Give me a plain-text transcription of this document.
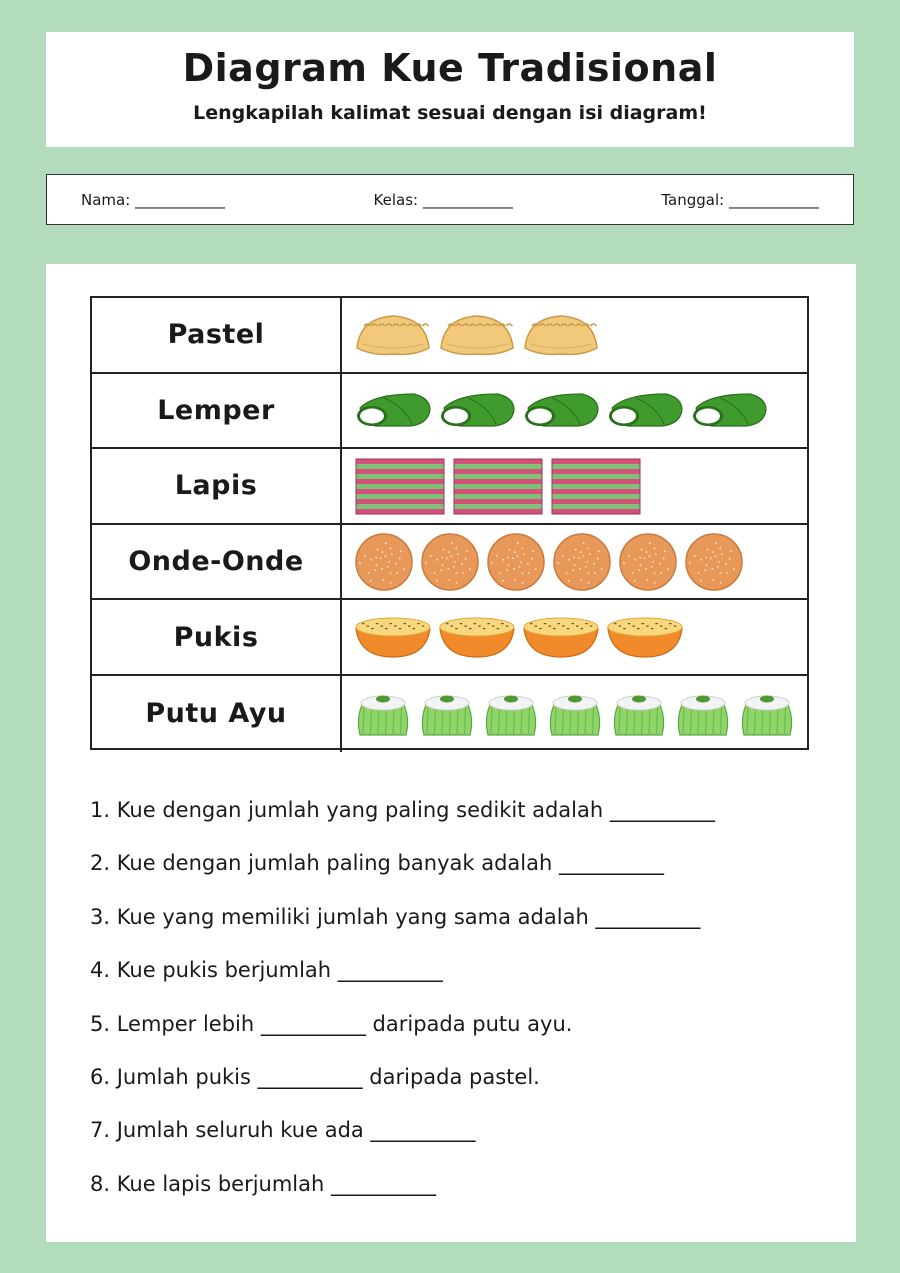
Diagram Kue Tradisional
Lengkapilah kalimat sesuai dengan isi diagram!
Nama: ____________	Kelas: ____________	Tanggal: ____________
Pastel
Lemper
Lapis
Onde-Onde
Pukis
Putu Ayu
1. Kue dengan jumlah yang paling sedikit adalah __________
2. Kue dengan jumlah paling banyak adalah __________
3. Kue yang memiliki jumlah yang sama adalah __________
4. Kue pukis berjumlah __________
5. Lemper lebih __________ daripada putu ayu.
6. Jumlah pukis __________ daripada pastel.
7. Jumlah seluruh kue ada __________
8. Kue lapis berjumlah __________
